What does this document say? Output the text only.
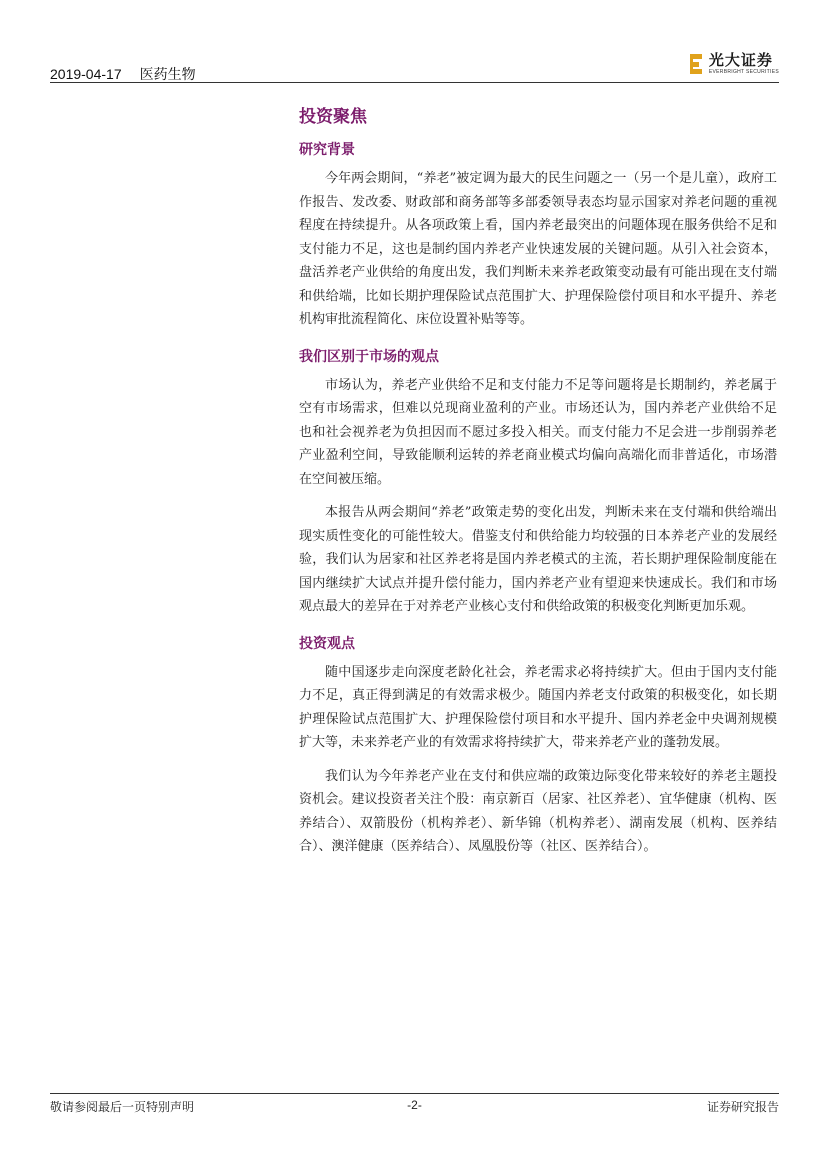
2019-04-17 医药生物
光大证券
EVERBRIGHT SECURITIES
投资聚焦
研究背景

今年两会期间，“养老”被定调为最大的民生问题之一（另一个是儿童），政府工作报告、发改委、财政部和商务部等多部委领导表态均显示国家对养老问题的重视程度在持续提升。从各项政策上看，国内养老最突出的问题体现在服务供给不足和支付能力不足，这也是制约国内养老产业快速发展的关键问题。从引入社会资本，盘活养老产业供给的角度出发，我们判断未来养老政策变动最有可能出现在支付端和供给端，比如长期护理保险试点范围扩大、护理保险偿付项目和水平提升、养老机构审批流程简化、床位设置补贴等等。

我们区别于市场的观点

市场认为，养老产业供给不足和支付能力不足等问题将是长期制约，养老属于空有市场需求，但难以兑现商业盈利的产业。市场还认为，国内养老产业供给不足也和社会视养老为负担因而不愿过多投入相关。而支付能力不足会进一步削弱养老产业盈利空间，导致能顺利运转的养老商业模式均偏向高端化而非普适化，市场潜在空间被压缩。

本报告从两会期间“养老”政策走势的变化出发，判断未来在支付端和供给端出现实质性变化的可能性较大。借鉴支付和供给能力均较强的日本养老产业的发展经验，我们认为居家和社区养老将是国内养老模式的主流，若长期护理保险制度能在国内继续扩大试点并提升偿付能力，国内养老产业有望迎来快速成长。我们和市场观点最大的差异在于对养老产业核心支付和供给政策的积极变化判断更加乐观。

投资观点

随中国逐步走向深度老龄化社会，养老需求必将持续扩大。但由于国内支付能力不足，真正得到满足的有效需求极少。随国内养老支付政策的积极变化，如长期护理保险试点范围扩大、护理保险偿付项目和水平提升、国内养老金中央调剂规模扩大等，未来养老产业的有效需求将持续扩大，带来养老产业的蓬勃发展。

我们认为今年养老产业在支付和供应端的政策边际变化带来较好的养老主题投资机会。建议投资者关注个股：南京新百（居家、社区养老）、宜华健康（机构、医养结合）、双箭股份（机构养老）、新华锦（机构养老）、湖南发展（机构、医养结合）、澳洋健康（医养结合）、凤凰股份等（社区、医养结合）。

敬请参阅最后一页特别声明	-2-	证券研究报告
